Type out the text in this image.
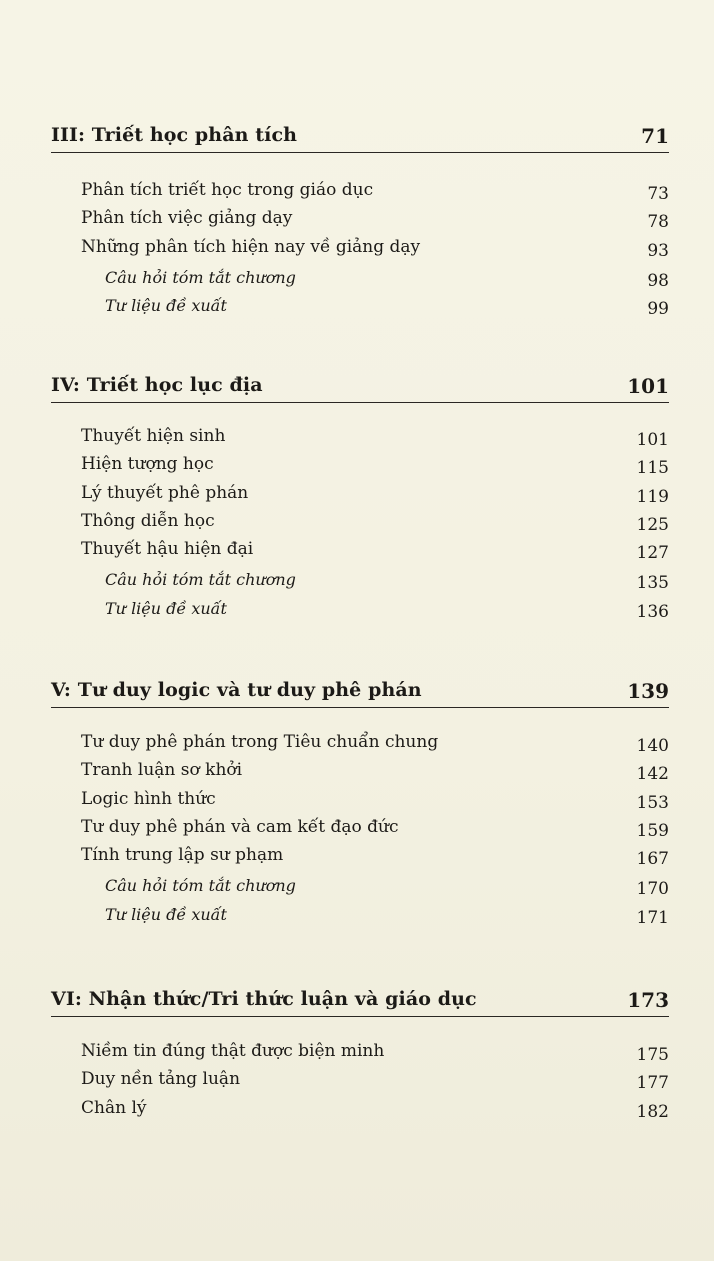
III: Triết học phân tích	71
Phân tích triết học trong giáo dục	73
Phân tích việc giảng dạy	78
Những phân tích hiện nay về giảng dạy	93
Câu hỏi tóm tắt chương	98
Tư liệu đề xuất	99
IV: Triết học lục địa	101
Thuyết hiện sinh	101
Hiện tượng học	115
Lý thuyết phê phán	119
Thông diễn học	125
Thuyết hậu hiện đại	127
Câu hỏi tóm tắt chương	135
Tư liệu đề xuất	136
V: Tư duy logic và tư duy phê phán	139
Tư duy phê phán trong Tiêu chuẩn chung	140
Tranh luận sơ khởi	142
Logic hình thức	153
Tư duy phê phán và cam kết đạo đức	159
Tính trung lập sư phạm	167
Câu hỏi tóm tắt chương	170
Tư liệu đề xuất	171
VI: Nhận thức/Tri thức luận và giáo dục	173
Niềm tin đúng thật được biện minh	175
Duy nền tảng luận	177
Chân lý	182
